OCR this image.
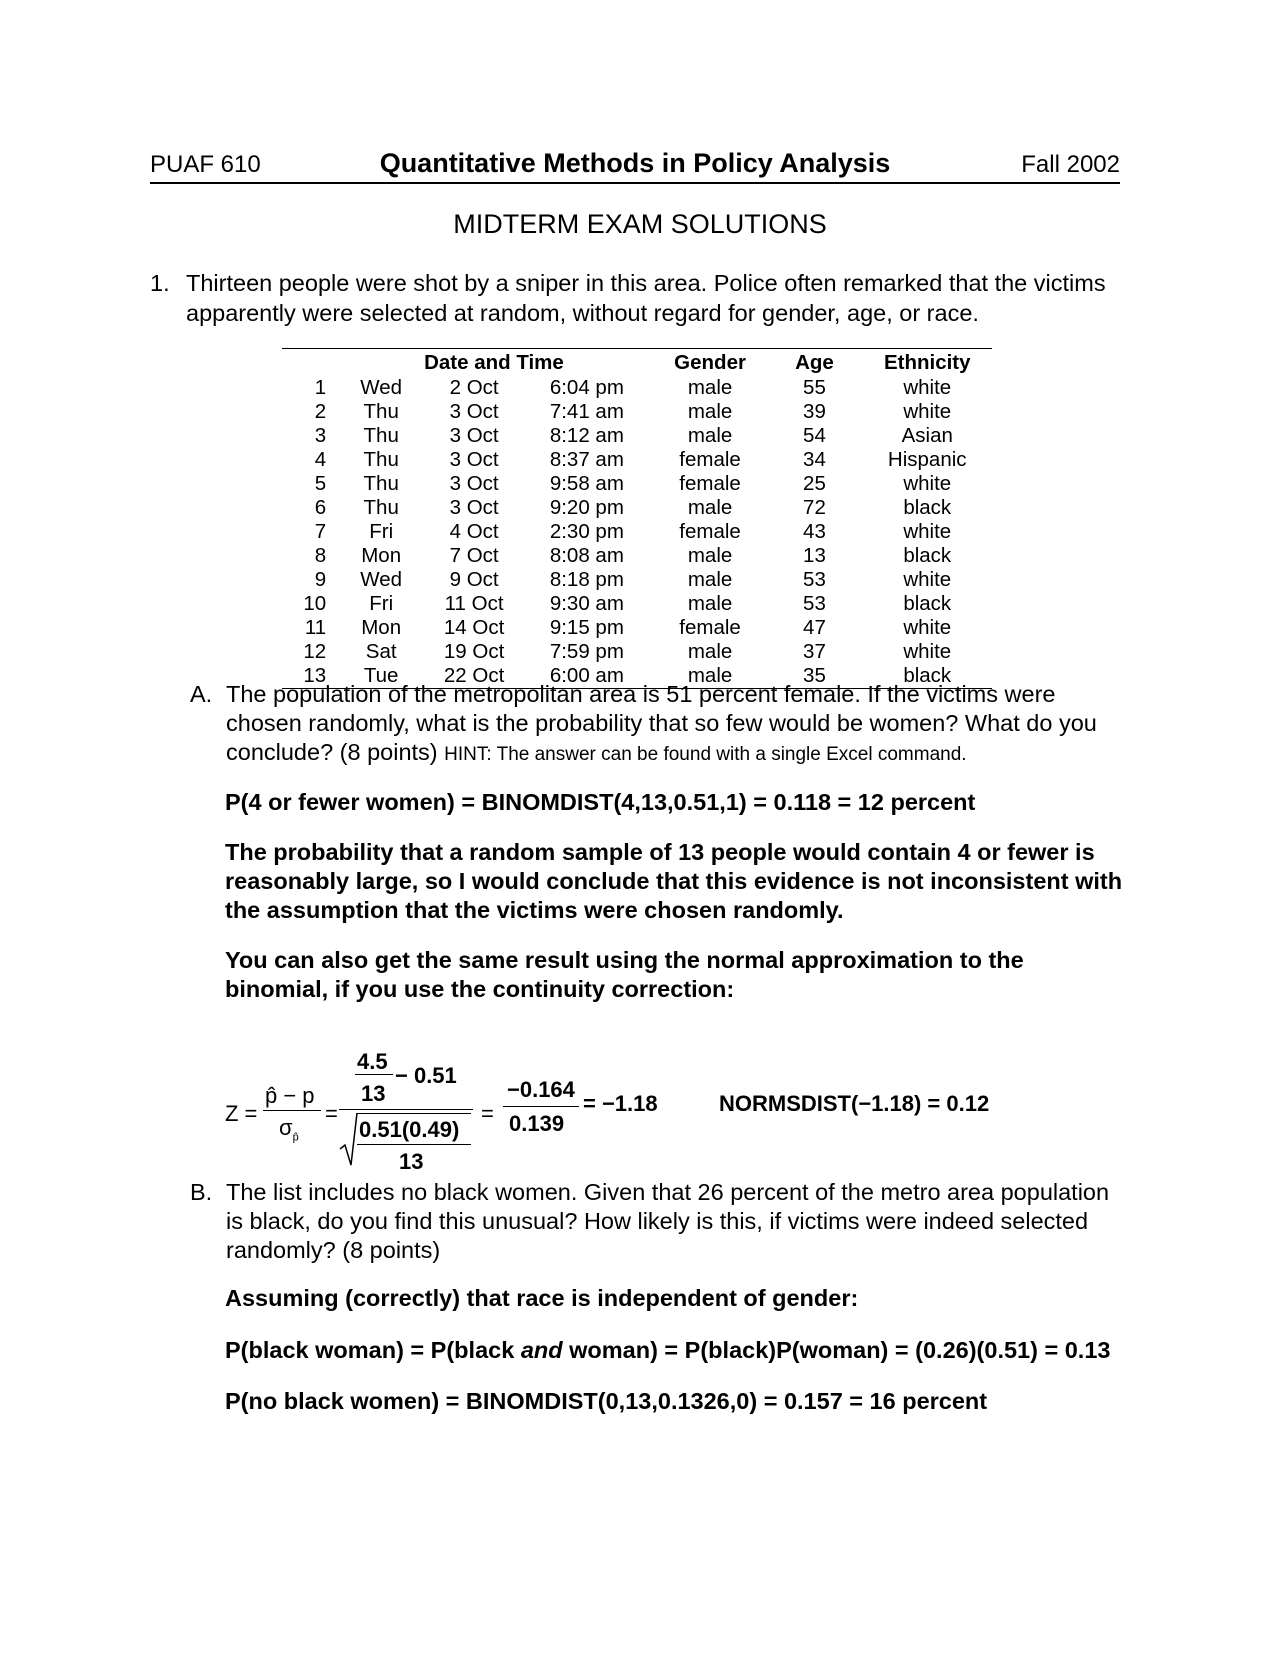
PUAF 610	Quantitative Methods in Policy Analysis	Fall 2002
MIDTERM EXAM SOLUTIONS
1. Thirteen people were shot by a sniper in this area. Police often remarked that the victims apparently were selected at random, without regard for gender, age, or race.
	Date and Time			Gender	Age	Ethnicity
1	Wed	2 Oct	6:04 pm	male	55	white
2	Thu	3 Oct	7:41 am	male	39	white
3	Thu	3 Oct	8:12 am	male	54	Asian
4	Thu	3 Oct	8:37 am	female	34	Hispanic
5	Thu	3 Oct	9:58 am	female	25	white
6	Thu	3 Oct	9:20 pm	male	72	black
7	Fri	4 Oct	2:30 pm	female	43	white
8	Mon	7 Oct	8:08 am	male	13	black
9	Wed	9 Oct	8:18 pm	male	53	white
10	Fri	11 Oct	9:30 am	male	53	black
11	Mon	14 Oct	9:15 pm	female	47	white
12	Sat	19 Oct	7:59 pm	male	37	white
13	Tue	22 Oct	6:00 am	male	35	black
A. The population of the metropolitan area is 51 percent female. If the victims were chosen randomly, what is the probability that so few would be women? What do you conclude? (8 points) HINT: The answer can be found with a single Excel command.
P(4 or fewer women) = BINOMDIST(4,13,0.51,1) = 0.118 = 12 percent
The probability that a random sample of 13 people would contain 4 or fewer is reasonably large, so I would conclude that this evidence is not inconsistent with the assumption that the victims were chosen randomly.
You can also get the same result using the normal approximation to the binomial, if you use the continuity correction:
Z =
p̂ − p
$\sigma_{p̂}$
=
4.5
13
− 0.51
0.51(0.49)
13
=
−0.164
0.139
= −1.18	NORMSDIST(−1.18) = 0.12
B. The list includes no black women. Given that 26 percent of the metro area population is black, do you find this unusual? How likely is this, if victims were indeed selected randomly? (8 points)
Assuming (correctly) that race is independent of gender:
P(black woman) = P(black and woman) = P(black)P(woman) = (0.26)(0.51) = 0.13
P(no black women) = BINOMDIST(0,13,0.1326,0) = 0.157 = 16 percent
